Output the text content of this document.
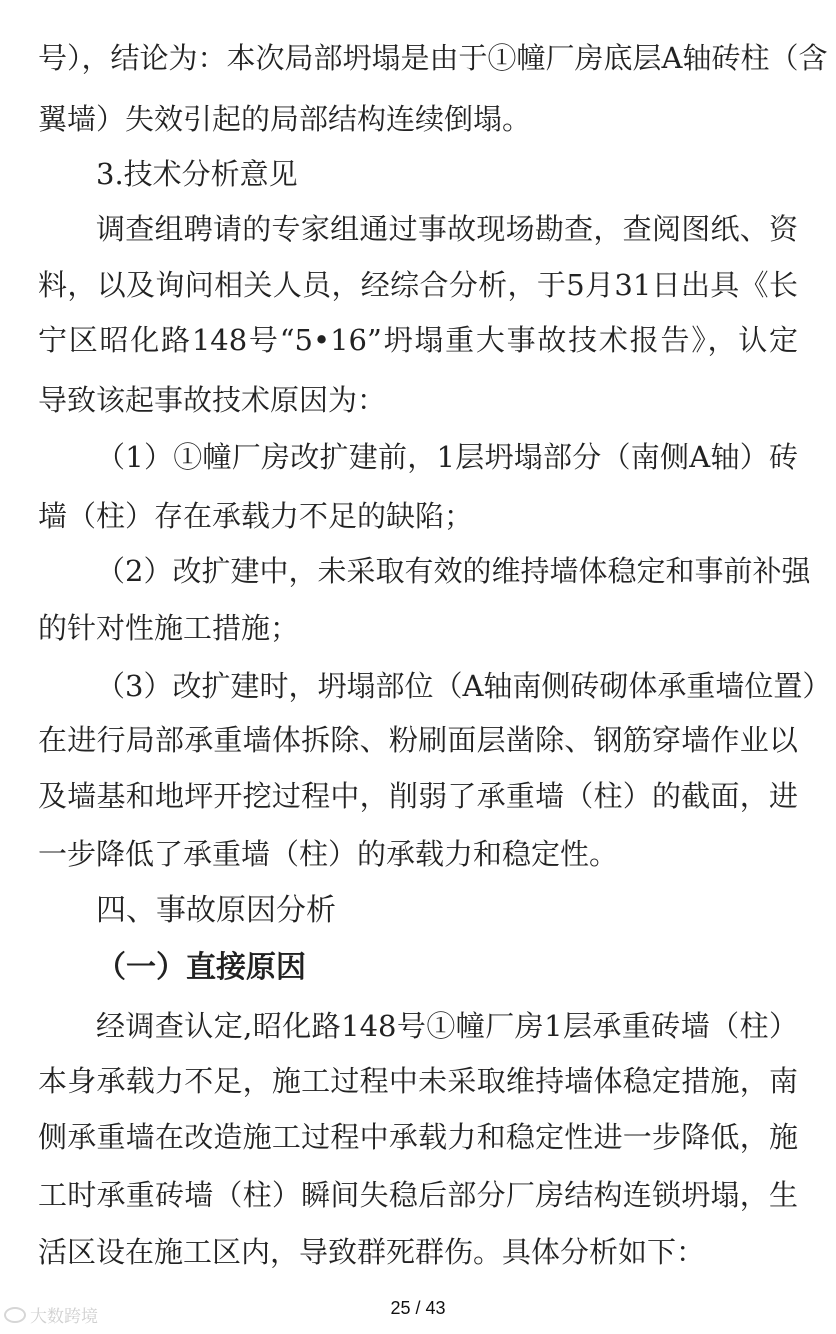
号），结论为：本次局部坍塌是由于①幢厂房底层A轴砖柱（含
翼墙）失效引起的局部结构连续倒塌。
3.技术分析意见
调查组聘请的专家组通过事故现场勘查，查阅图纸、资
料，以及询问相关人员，经综合分析，于5月31日出具《长
宁区昭化路148号“5•16”坍塌重大事故技术报告》，认定
导致该起事故技术原因为：
（1）①幢厂房改扩建前，1层坍塌部分（南侧A轴）砖
墙（柱）存在承载力不足的缺陷；
（2）改扩建中，未采取有效的维持墙体稳定和事前补强
的针对性施工措施；
（3）改扩建时，坍塌部位（A轴南侧砖砌体承重墙位置）
在进行局部承重墙体拆除、粉刷面层凿除、钢筋穿墙作业以
及墙基和地坪开挖过程中，削弱了承重墙（柱）的截面，进
一步降低了承重墙（柱）的承载力和稳定性。
四、事故原因分析
（一）直接原因
经调查认定,昭化路148号①幢厂房1层承重砖墙（柱）
本身承载力不足，施工过程中未采取维持墙体稳定措施，南
侧承重墙在改造施工过程中承载力和稳定性进一步降低，施
工时承重砖墙（柱）瞬间失稳后部分厂房结构连锁坍塌，生
活区设在施工区内，导致群死群伤。具体分析如下：
25 / 43
大数跨境
